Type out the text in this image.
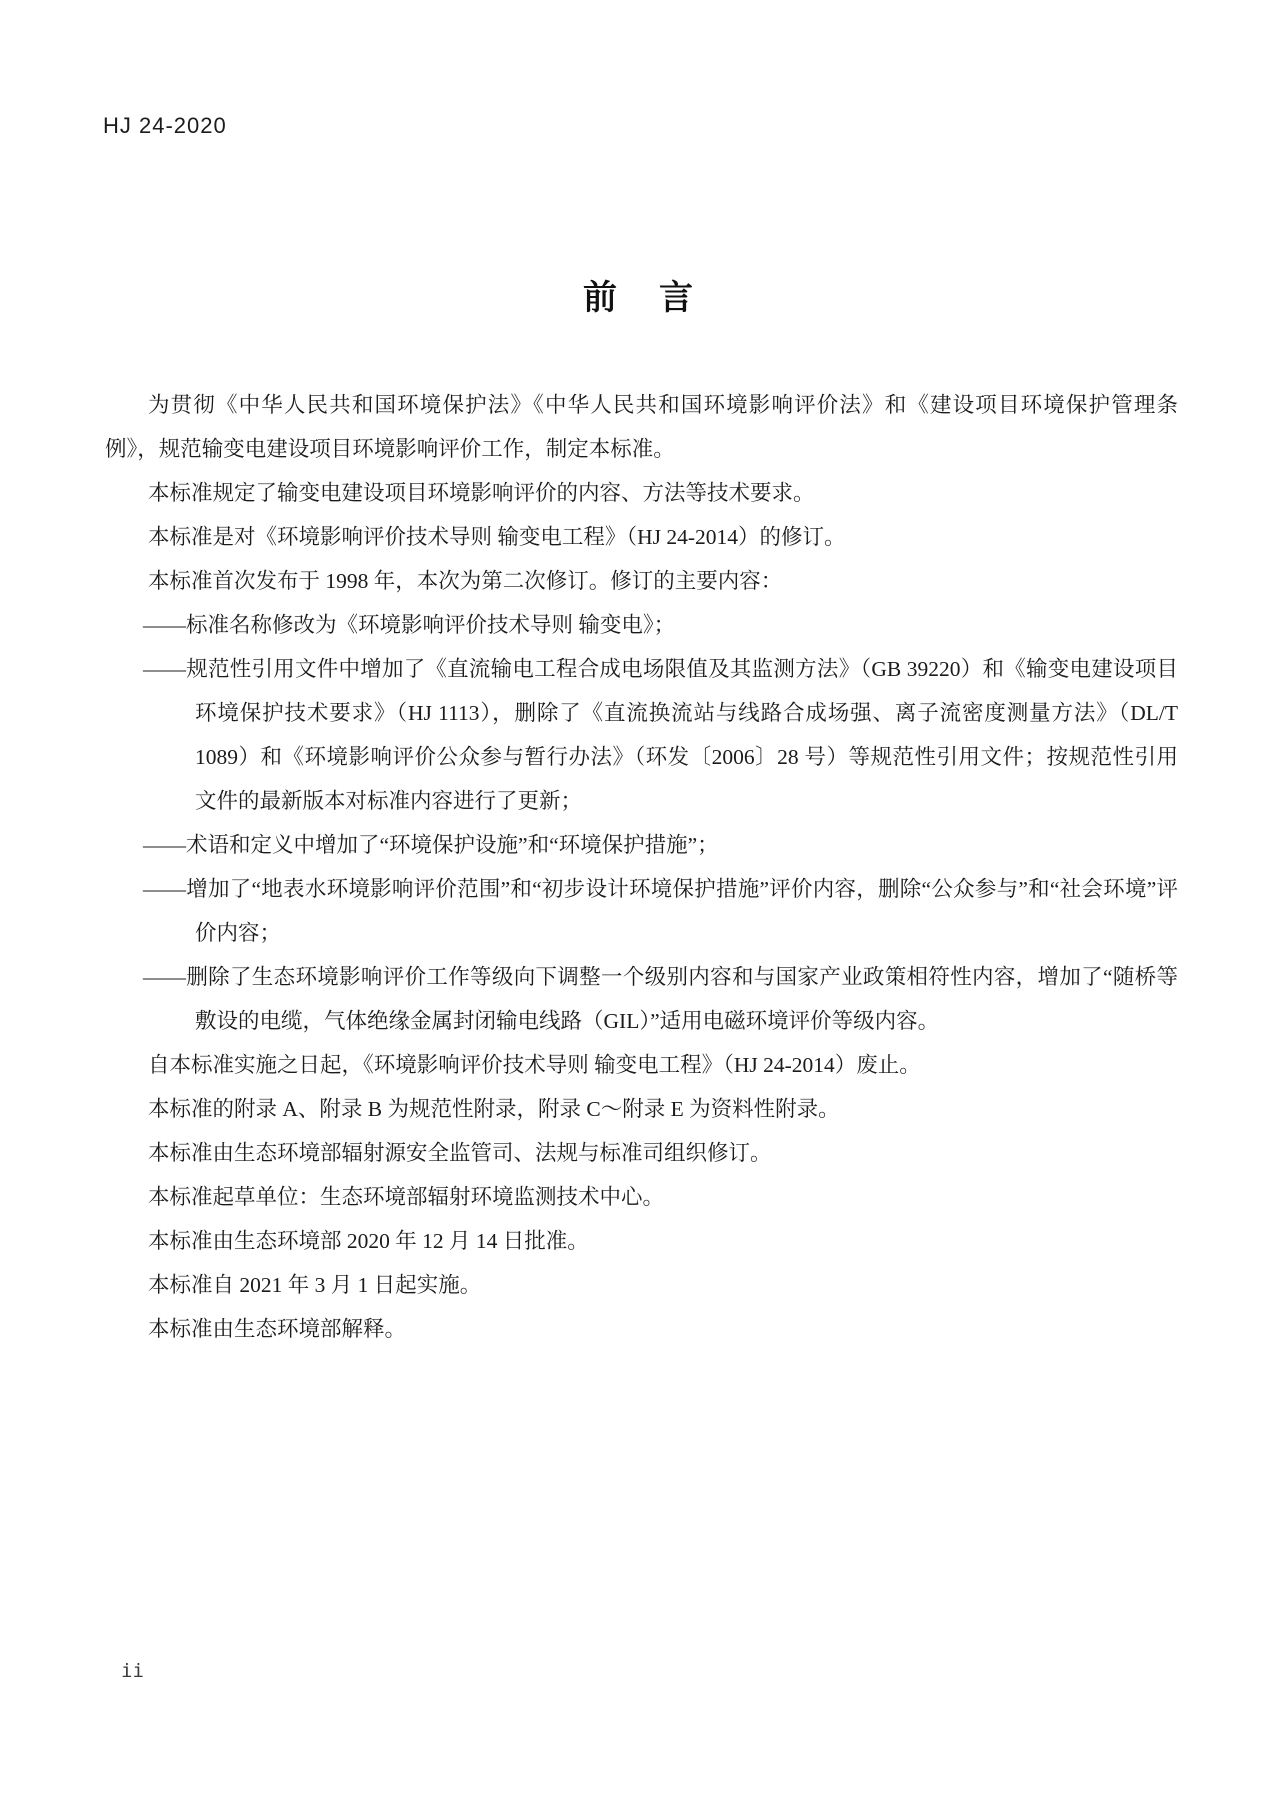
HJ 24-2020
前　言

为贯彻《中华人民共和国环境保护法》《中华人民共和国环境影响评价法》和《建设项目环境保护管理条例》，规范输变电建设项目环境影响评价工作，制定本标准。

本标准规定了输变电建设项目环境影响评价的内容、方法等技术要求。

本标准是对《环境影响评价技术导则 输变电工程》（HJ 24-2014）的修订。

本标准首次发布于 1998 年，本次为第二次修订。修订的主要内容：

——标准名称修改为《环境影响评价技术导则 输变电》；

——规范性引用文件中增加了《直流输电工程合成电场限值及其监测方法》（GB 39220）和《输变电建设项目环境保护技术要求》（HJ 1113），删除了《直流换流站与线路合成场强、离子流密度测量方法》（DL/T 1089）和《环境影响评价公众参与暂行办法》（环发〔2006〕28 号）等规范性引用文件；按规范性引用文件的最新版本对标准内容进行了更新；

——术语和定义中增加了“环境保护设施”和“环境保护措施”；

——增加了“地表水环境影响评价范围”和“初步设计环境保护措施”评价内容，删除“公众参与”和“社会环境”评价内容；

——删除了生态环境影响评价工作等级向下调整一个级别内容和与国家产业政策相符性内容，增加了“随桥等敷设的电缆，气体绝缘金属封闭输电线路（GIL）”适用电磁环境评价等级内容。

自本标准实施之日起，《环境影响评价技术导则 输变电工程》（HJ 24-2014）废止。

本标准的附录 A、附录 B 为规范性附录，附录 C～附录 E 为资料性附录。

本标准由生态环境部辐射源安全监管司、法规与标准司组织修订。

本标准起草单位：生态环境部辐射环境监测技术中心。

本标准由生态环境部 2020 年 12 月 14 日批准。

本标准自 2021 年 3 月 1 日起实施。

本标准由生态环境部解释。

ii
